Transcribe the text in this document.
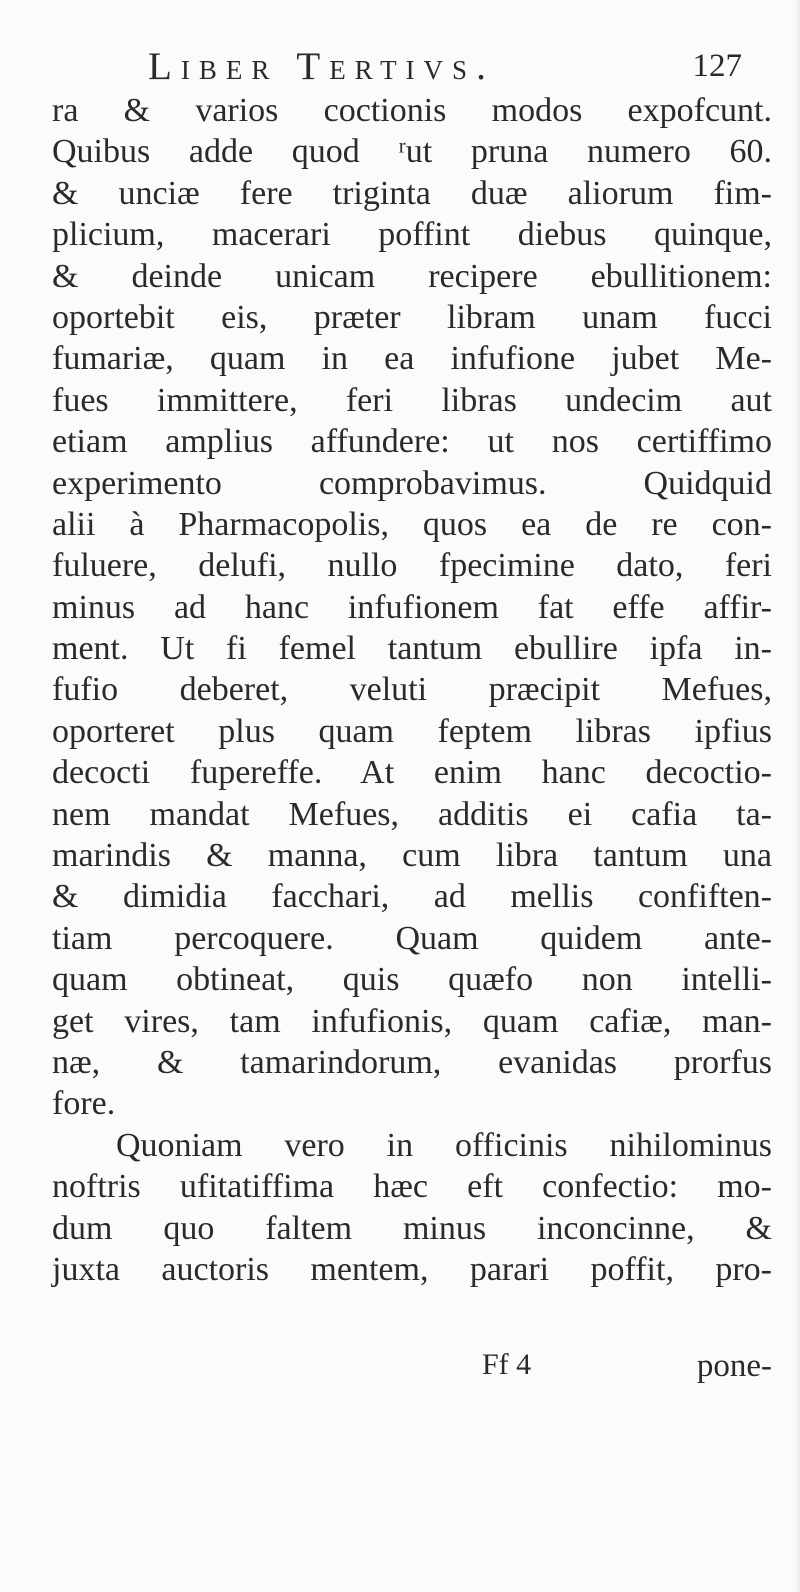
Liber Tertivs.	127
ra & varios coctionis modos expofcunt.
Quibus adde quod ʳut pruna numero 60.
& unciæ fere triginta duæ aliorum fim-
plicium, macerari poffint diebus quinque,
& deinde unicam recipere ebullitionem:
oportebit eis, præter libram unam fucci
fumariæ, quam in ea infufione jubet Me-
fues immittere, feri libras undecim aut
etiam amplius affundere: ut nos certiffimo
experimento comprobavimus. Quidquid
alii à Pharmacopolis, quos ea de re con-
fuluere, delufi, nullo fpecimine dato, feri
minus ad hanc infufionem fat effe affir-
ment. Ut fi femel tantum ebullire ipfa in-
fufio deberet, veluti præcipit Mefues,
oporteret plus quam feptem libras ipfius
decocti fupereffe. At enim hanc decoctio-
nem mandat Mefues, additis ei cafia ta-
marindis & manna, cum libra tantum una
& dimidia facchari, ad mellis confiften-
tiam percoquere. Quam quidem ante-
quam obtineat, quis quæfo non intelli-
get vires, tam infufionis, quam cafiæ, man-
næ, & tamarindorum, evanidas prorfus
fore.
Quoniam vero in officinis nihilominus
noftris ufitatiffima hæc eft confectio: mo-
dum quo faltem minus inconcinne, &
juxta auctoris mentem, parari poffit, pro-
Ff 4	pone-
